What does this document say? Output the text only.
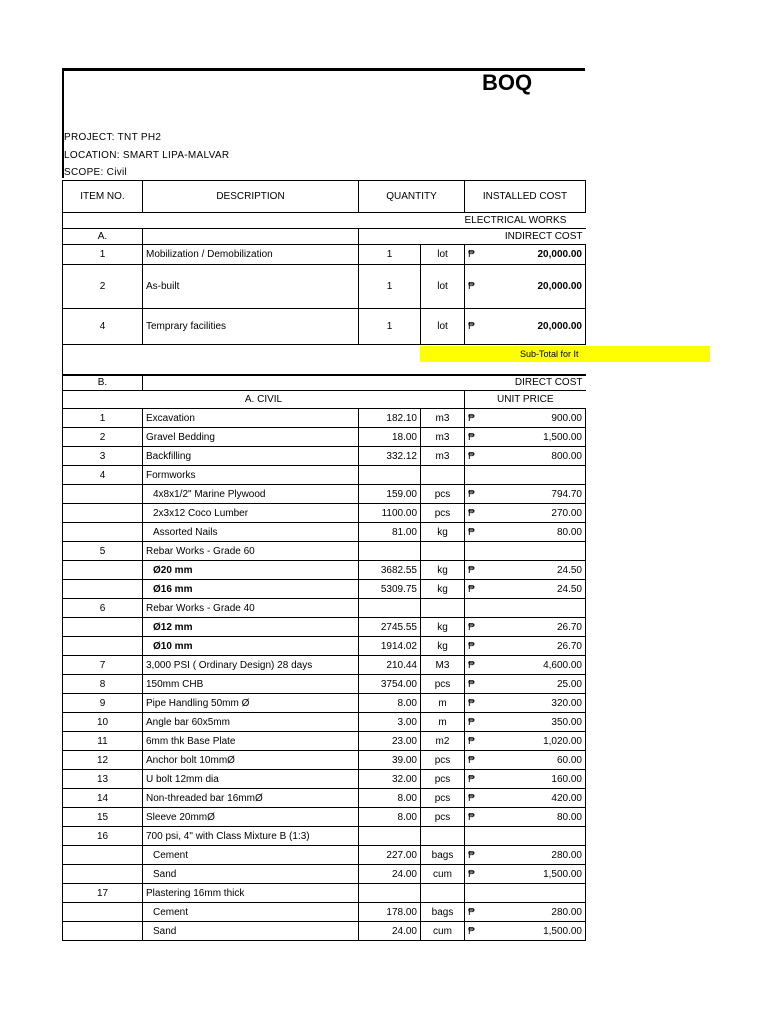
BOQ
PROJECT: TNT PH2
LOCATION: SMART LIPA-MALVAR
SCOPE: Civil
ITEM NO.	DESCRIPTION	QUANTITY		INSTALLED COST	
				ELECTRICAL WORKS	
A.				INDIRECT COST	
1	Mobilization / Demobilization	1	lot	₱	20,000.00
2	As-built	1	lot	₱	20,000.00
4	Temprary facilities	1	lot	₱	20,000.00

B.	DIRECT COST				
A. CIVIL				UNIT PRICE	
1	Excavation	182.10	m3	₱	900.00
2	Gravel Bedding	18.00	m3	₱	1,500.00
3	Backfilling	332.12	m3	₱	800.00
4	Formworks				
	4x8x1/2" Marine Plywood	159.00	pcs	₱	794.70
	2x3x12 Coco Lumber	1100.00	pcs	₱	270.00
	Assorted Nails	81.00	kg	₱	80.00
5	Rebar Works - Grade 60				
	Ø20 mm	3682.55	kg	₱	24.50
	Ø16 mm	5309.75	kg	₱	24.50
6	Rebar Works - Grade 40				
	Ø12 mm	2745.55	kg	₱	26.70
	Ø10 mm	1914.02	kg	₱	26.70
7	3,000 PSI ( Ordinary Design) 28 days	210.44	M3	₱	4,600.00
8	150mm CHB	3754.00	pcs	₱	25.00
9	Pipe Handling 50mm Ø	8.00	m	₱	320.00
10	Angle bar 60x5mm	3.00	m	₱	350.00
11	6mm thk Base Plate	23.00	m2	₱	1,020.00
12	Anchor bolt 10mmØ	39.00	pcs	₱	60.00
13	U bolt 12mm dia	32.00	pcs	₱	160.00
14	Non-threaded bar 16mmØ	8.00	pcs	₱	420.00
15	Sleeve 20mmØ	8.00	pcs	₱	80.00
16	700 psi, 4" with Class Mixture B (1:3)				
	Cement	227.00	bags	₱	280.00
	Sand	24.00	cum	₱	1,500.00
17	Plastering 16mm thick				
	Cement	178.00	bags	₱	280.00
	Sand	24.00	cum	₱	1,500.00
Sub-Total for It
